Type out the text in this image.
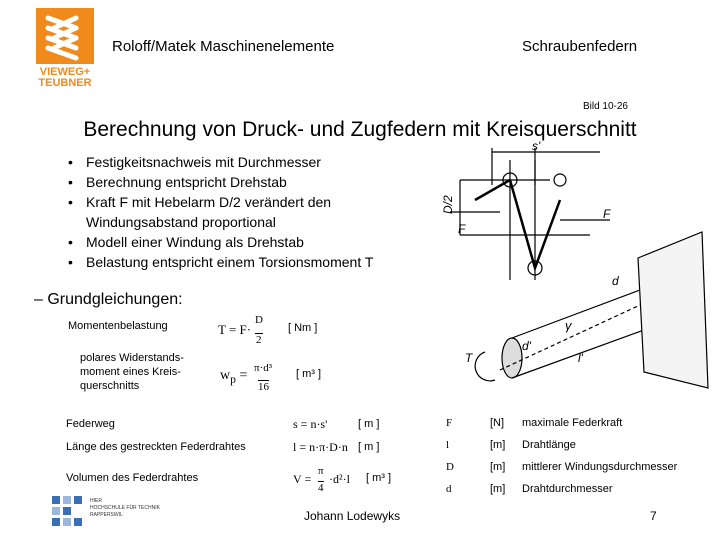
VIEWEG+
TEUBNER
Roloff/Matek Maschinenelemente	Schraubenfedern
Bild 10-26
Berechnung von Druck- und Zugfedern mit Kreisquerschnitt
• Festigkeitsnachweis mit Durchmesser
• Berechnung entspricht Drehstab
• Kraft F mit Hebelarm D/2 verändert den Windungsabstand proportional
• Modell einer Windung als Drehstab
• Belastung entspricht einem Torsionsmoment T
– Grundgleichungen:
s'
D/2
F
F
d
γ
T
d'
l'
Momentenbelastung	T = F·
D
2
[ Nm ]
polares Widerstands-moment eines Kreis-querschnitts
$w_p = \pi\cdot d^3$
16
[ m³ ]
Federweg	s = n·s'	[ m ]
Länge des gestreckten Federdrahtes	l = n·π·D·n [ m ]
Volumen des Federdrahtes	V =
π
4
·d²·l [ m³ ]
F	[N]	maximale Federkraft
l	[m]	Drahtlänge
D	[m]	mittlerer Windungsdurchmesser
d	[m]	Drahtdurchmesser
HIER
HOCHSCHULE FÜR TECHNIK
RAPPERSWIL	Johann Lodewyks	7
